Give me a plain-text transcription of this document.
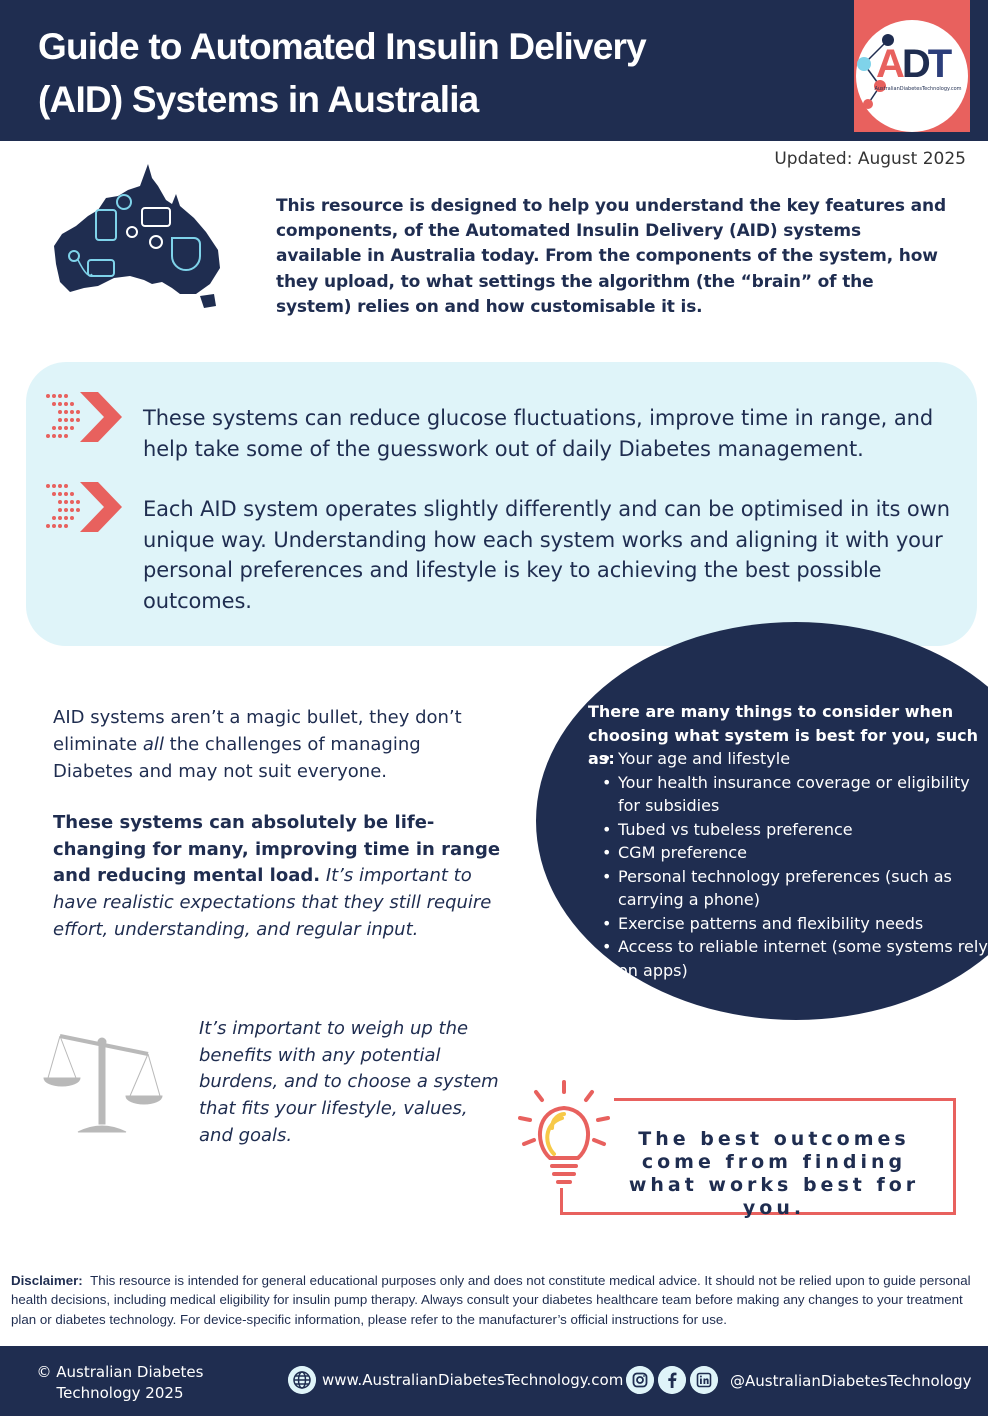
Guide to Automated Insulin Delivery
(AID) Systems in Australia
ADT
AustralianDiabetesTechnology.com
Updated: August 2025
This resource is designed to help you understand the key features and components, of the Automated Insulin Delivery (AID) systems available in Australia today. From the components of the system, how they upload, to what settings the algorithm (the “brain” of the system) relies on and how customisable it is.
These systems can reduce glucose fluctuations, improve time in range, and help take some of the guesswork out of daily Diabetes management.
Each AID system operates slightly differently and can be optimised in its own unique way. Understanding how each system works and aligning it with your personal preferences and lifestyle is key to achieving the best possible outcomes.
There are many things to consider when choosing what system is best for you, such as:
• Your age and lifestyle
• Your health insurance coverage or eligibility for subsidies
• Tubed vs tubeless preference
• CGM preference
• Personal technology preferences (such as carrying a phone)
• Exercise patterns and flexibility needs
• Access to reliable internet (some systems rely on apps)

AID systems aren’t a magic bullet, they don’t eliminate all the challenges of managing Diabetes and may not suit everyone.

These systems can absolutely be life-changing for many, improving time in range and reducing mental load. It’s important to have realistic expectations that they still require effort, understanding, and regular input.

It’s important to weigh up the benefits with any potential burdens, and to choose a system that fits your lifestyle, values, and goals.	The best outcomes come from finding what works best for you.

Disclaimer: This resource is intended for general educational purposes only and does not constitute medical advice. It should not be relied upon to guide personal health decisions, including medical eligibility for insulin pump therapy. Always consult your diabetes healthcare team before making any changes to your treatment plan or diabetes technology. For device-specific information, please refer to the manufacturer’s official instructions for use.

© Australian Diabetes Technology 2025
www.AustralianDiabetesTechnology.com	@AustralianDiabetesTechnology
